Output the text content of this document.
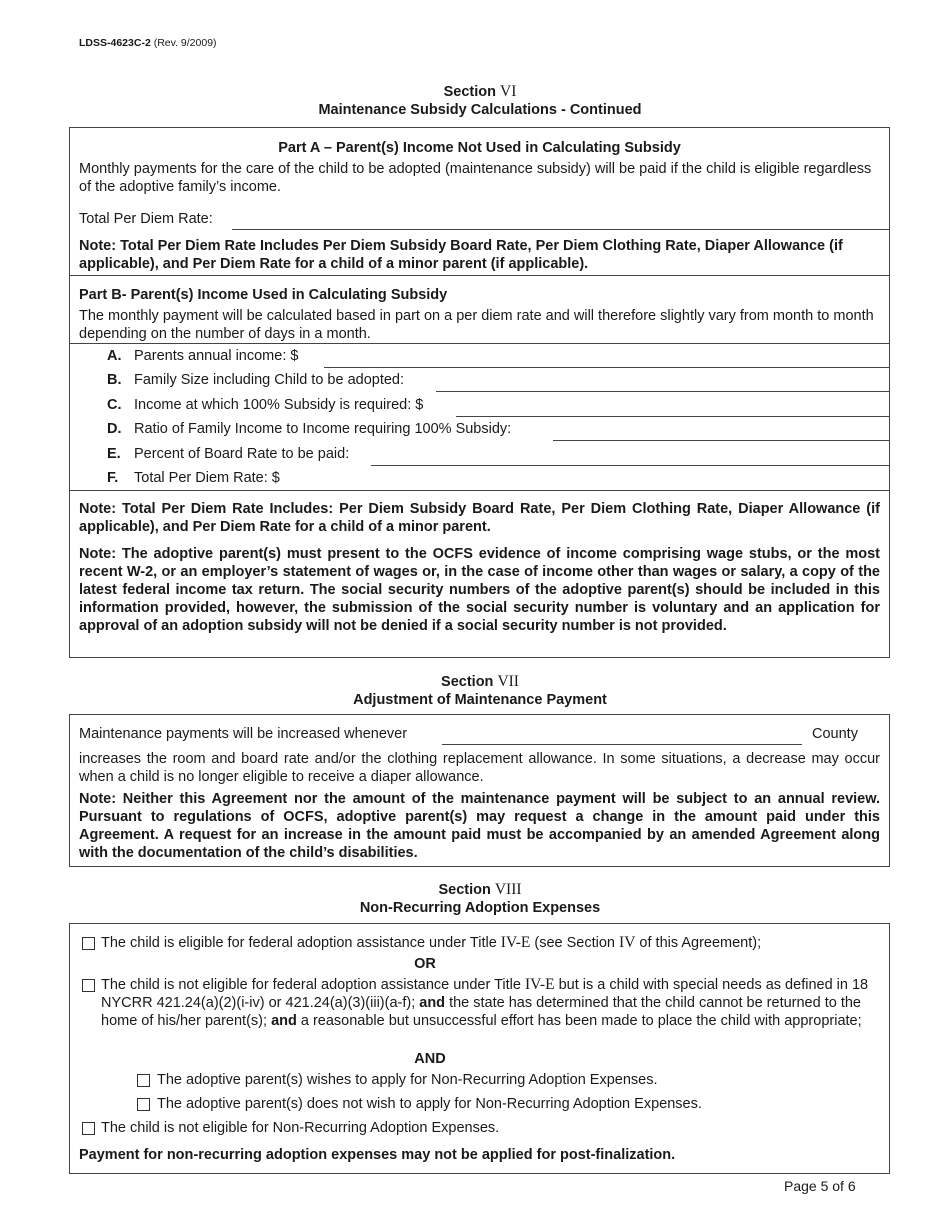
LDSS-4623C-2 (Rev. 9/2009)
Section VI
Maintenance Subsidy Calculations - Continued
Part A – Parent(s) Income Not Used in Calculating Subsidy
Monthly payments for the care of the child to be adopted (maintenance subsidy) will be paid if the child is eligible regardless of the adoptive family’s income.
Total Per Diem Rate:
Note: Total Per Diem Rate Includes Per Diem Subsidy Board Rate, Per Diem Clothing Rate, Diaper Allowance (if applicable), and Per Diem Rate for a child of a minor parent (if applicable).
Part B- Parent(s) Income Used in Calculating Subsidy
The monthly payment will be calculated based in part on a per diem rate and will therefore slightly vary from month to month depending on the number of days in a month.
A. Parents annual income: $
B. Family Size including Child to be adopted:
C. Income at which 100% Subsidy is required: $
D. Ratio of Family Income to Income requiring 100% Subsidy:
E. Percent of Board Rate to be paid:
F. Total Per Diem Rate: $
Note: Total Per Diem Rate Includes: Per Diem Subsidy Board Rate, Per Diem Clothing Rate, Diaper Allowance (if applicable), and Per Diem Rate for a child of a minor parent.
Note: The adoptive parent(s) must present to the OCFS evidence of income comprising wage stubs, or the most recent W-2, or an employer’s statement of wages or, in the case of income other than wages or salary, a copy of the latest federal income tax return. The social security numbers of the adoptive parent(s) should be included in this information provided, however, the submission of the social security number is voluntary and an application for approval of an adoption subsidy will not be denied if a social security number is not provided.
Section VII
Adjustment of Maintenance Payment
Maintenance payments will be increased whenever	County
increases the room and board rate and/or the clothing replacement allowance. In some situations, a decrease may occur when a child is no longer eligible to receive a diaper allowance.
Note: Neither this Agreement nor the amount of the maintenance payment will be subject to an annual review. Pursuant to regulations of OCFS, adoptive parent(s) may request a change in the amount paid under this Agreement. A request for an increase in the amount paid must be accompanied by an amended Agreement along with the documentation of the child’s disabilities.
Section VIII
Non-Recurring Adoption Expenses
The child is eligible for federal adoption assistance under Title IV-E (see Section IV of this Agreement);
OR
The child is not eligible for federal adoption assistance under Title IV-E but is a child with special needs as defined in 18 NYCRR 421.24(a)(2)(i-iv) or 421.24(a)(3)(iii)(a-f); and the state has determined that the child cannot be returned to the home of his/her parent(s); and a reasonable but unsuccessful effort has been made to place the child with appropriate;
AND
The adoptive parent(s) wishes to apply for Non-Recurring Adoption Expenses.
The adoptive parent(s) does not wish to apply for Non-Recurring Adoption Expenses.
The child is not eligible for Non-Recurring Adoption Expenses.
Payment for non-recurring adoption expenses may not be applied for post-finalization.
Page 5 of 6
